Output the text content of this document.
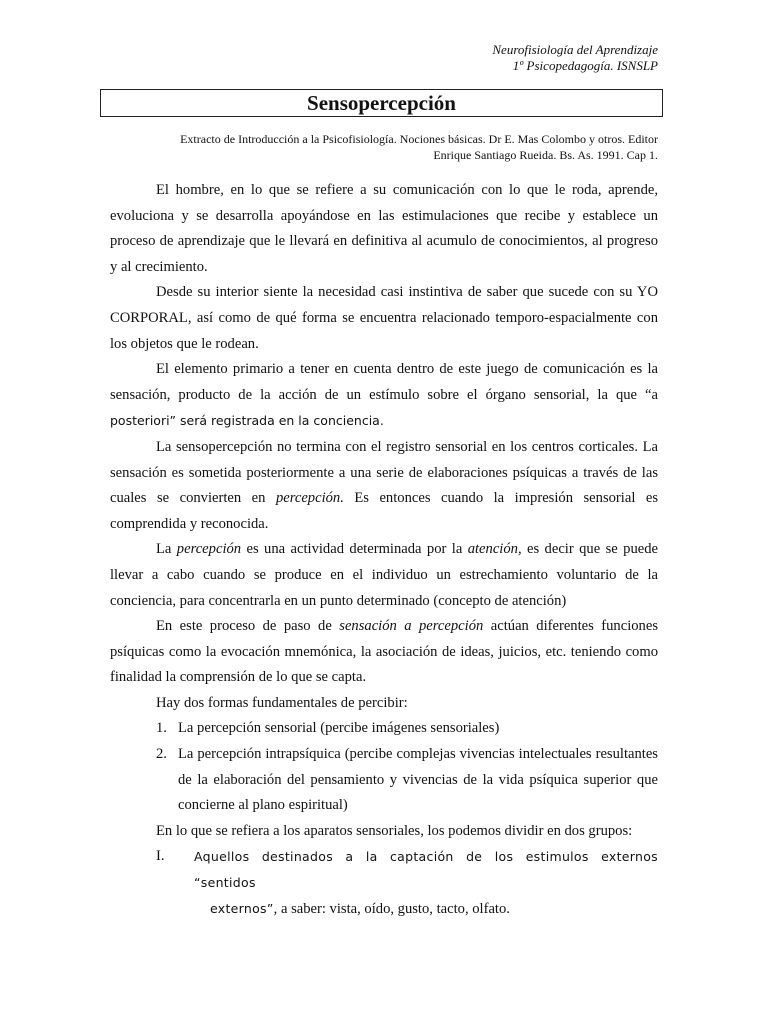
Neurofisiología del Aprendizaje
1º Psicopedagogía. ISNSLP
Sensopercepción
Extracto de Introducción a la Psicofisiología. Nociones básicas. Dr E. Mas Colombo y otros. Editor
Enrique Santiago Rueida. Bs. As. 1991. Cap 1.

El hombre, en lo que se refiere a su comunicación con lo que le roda, aprende, evoluciona y se desarrolla apoyándose en las estimulaciones que recibe y establece un proceso de aprendizaje que le llevará en definitiva al acumulo de conocimientos, al progreso y al crecimiento.

Desde su interior siente la necesidad casi instintiva de saber que sucede con su YO CORPORAL, así como de qué forma se encuentra relacionado temporo-espacialmente con los objetos que le rodean.

El elemento primario a tener en cuenta dentro de este juego de comunicación es la sensación, producto de la acción de un estímulo sobre el órgano sensorial, la que “a posteriori” será registrada en la conciencia.

La sensopercepción no termina con el registro sensorial en los centros corticales. La sensación es sometida posteriormente a una serie de elaboraciones psíquicas a través de las cuales se convierten en percepción. Es entonces cuando la impresión sensorial es comprendida y reconocida.

La percepción es una actividad determinada por la atención, es decir que se puede llevar a cabo cuando se produce en el individuo un estrechamiento voluntario de la conciencia, para concentrarla en un punto determinado (concepto de atención)

En este proceso de paso de sensación a percepción actúan diferentes funciones psíquicas como la evocación mnemónica, la asociación de ideas, juicios, etc. teniendo como finalidad la comprensión de lo que se capta.

Hay dos formas fundamentales de percibir:

1. La percepción sensorial (percibe imágenes sensoriales)
2. La percepción intrapsíquica (percibe complejas vivencias intelectuales resultantes de la elaboración del pensamiento y vivencias de la vida psíquica superior que concierne al plano espiritual)

En lo que se refiera a los aparatos sensoriales, los podemos dividir en dos grupos:

I. Aquellos destinados a la captación de los estimulos externos “sentidos
externos”, a saber: vista, oído, gusto, tacto, olfato.
